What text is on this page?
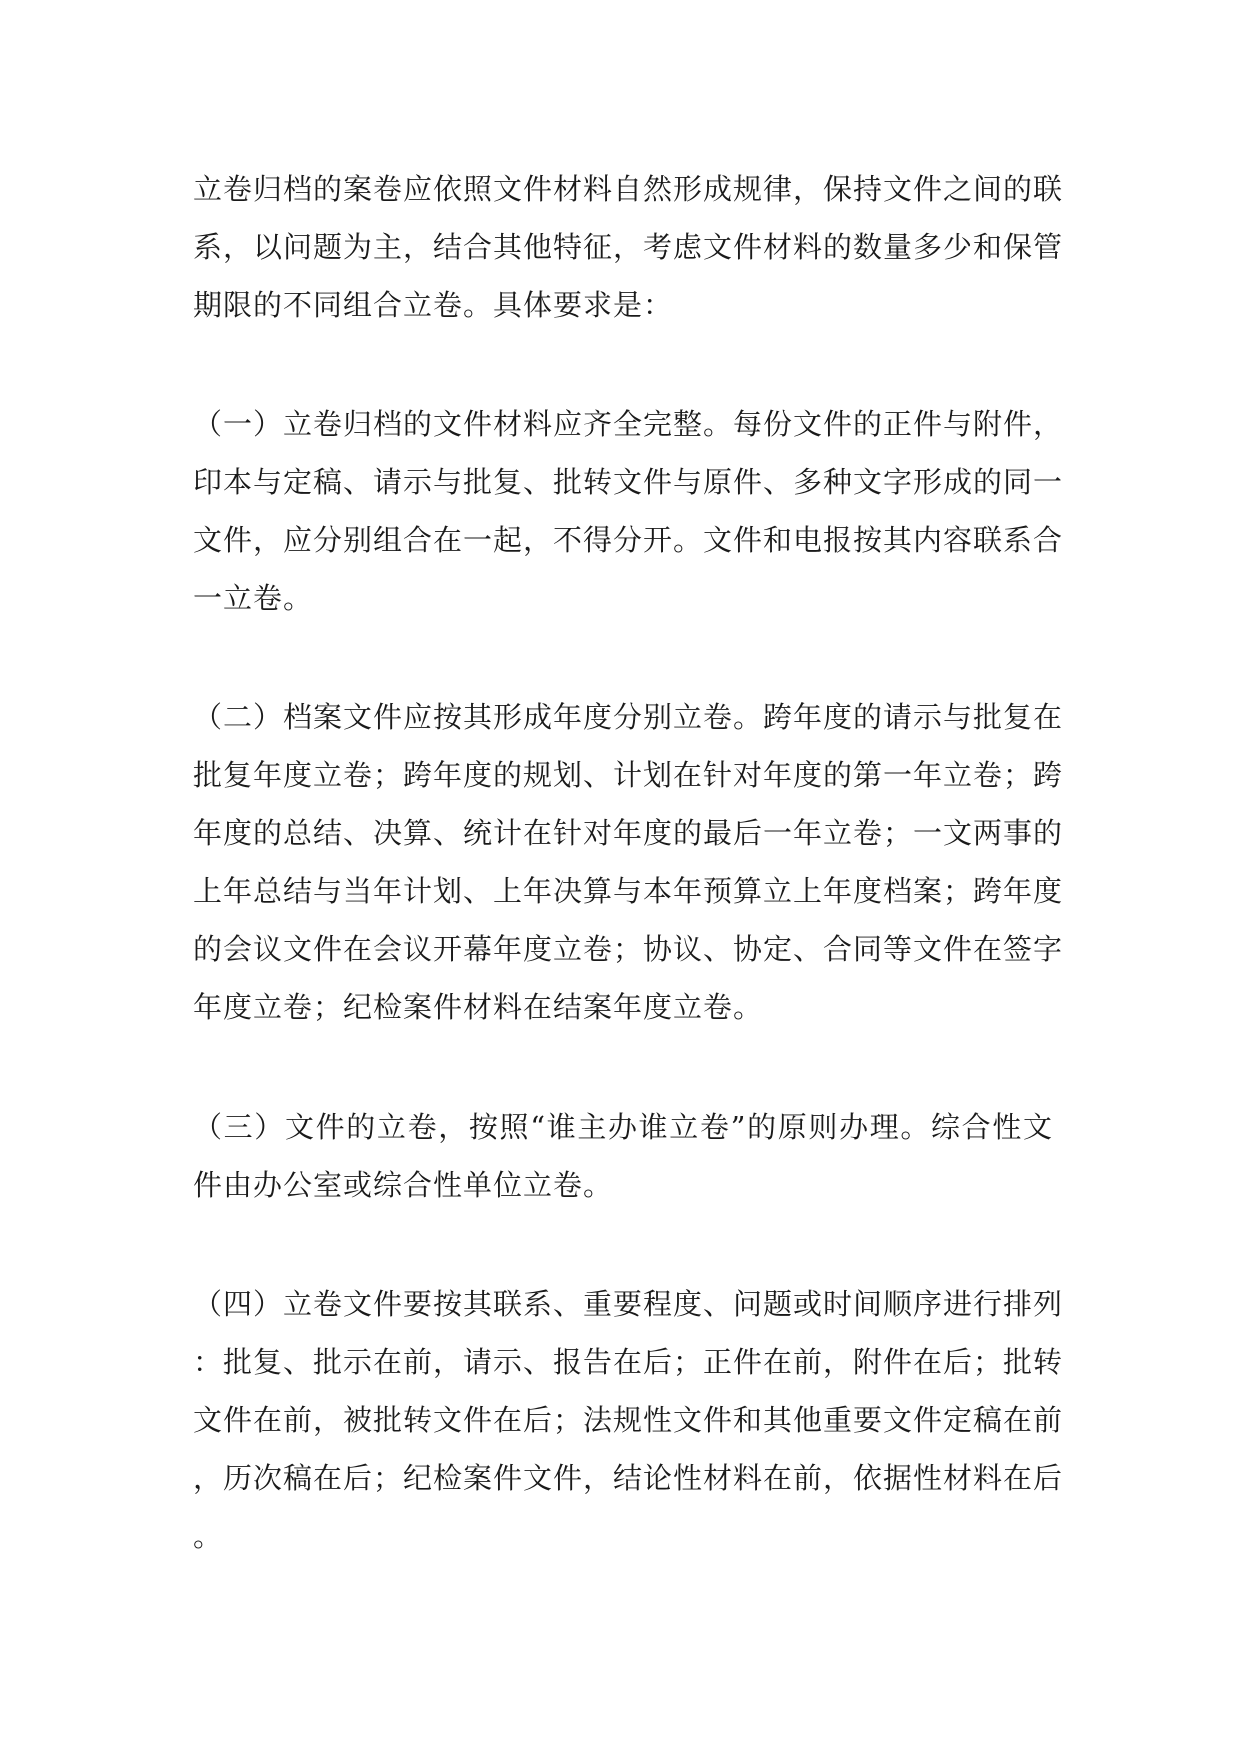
立卷归档的案卷应依照文件材料自然形成规律，保持文件之间的联
系，以问题为主，结合其他特征，考虑文件材料的数量多少和保管
期限的不同组合立卷。具体要求是：
（一）立卷归档的文件材料应齐全完整。每份文件的正件与附件，
印本与定稿、请示与批复、批转文件与原件、多种文字形成的同一
文件，应分别组合在一起，不得分开。文件和电报按其内容联系合
一立卷。
（二）档案文件应按其形成年度分别立卷。跨年度的请示与批复在
批复年度立卷；跨年度的规划、计划在针对年度的第一年立卷；跨
年度的总结、决算、统计在针对年度的最后一年立卷；一文两事的
上年总结与当年计划、上年决算与本年预算立上年度档案；跨年度
的会议文件在会议开幕年度立卷；协议、协定、合同等文件在签字
年度立卷；纪检案件材料在结案年度立卷。
（三）文件的立卷，按照“谁主办谁立卷”的原则办理。综合性文
件由办公室或综合性单位立卷。
（四）立卷文件要按其联系、重要程度、问题或时间顺序进行排列
：批复、批示在前，请示、报告在后；正件在前，附件在后；批转
文件在前，被批转文件在后；法规性文件和其他重要文件定稿在前
，历次稿在后；纪检案件文件，结论性材料在前，依据性材料在后
。
